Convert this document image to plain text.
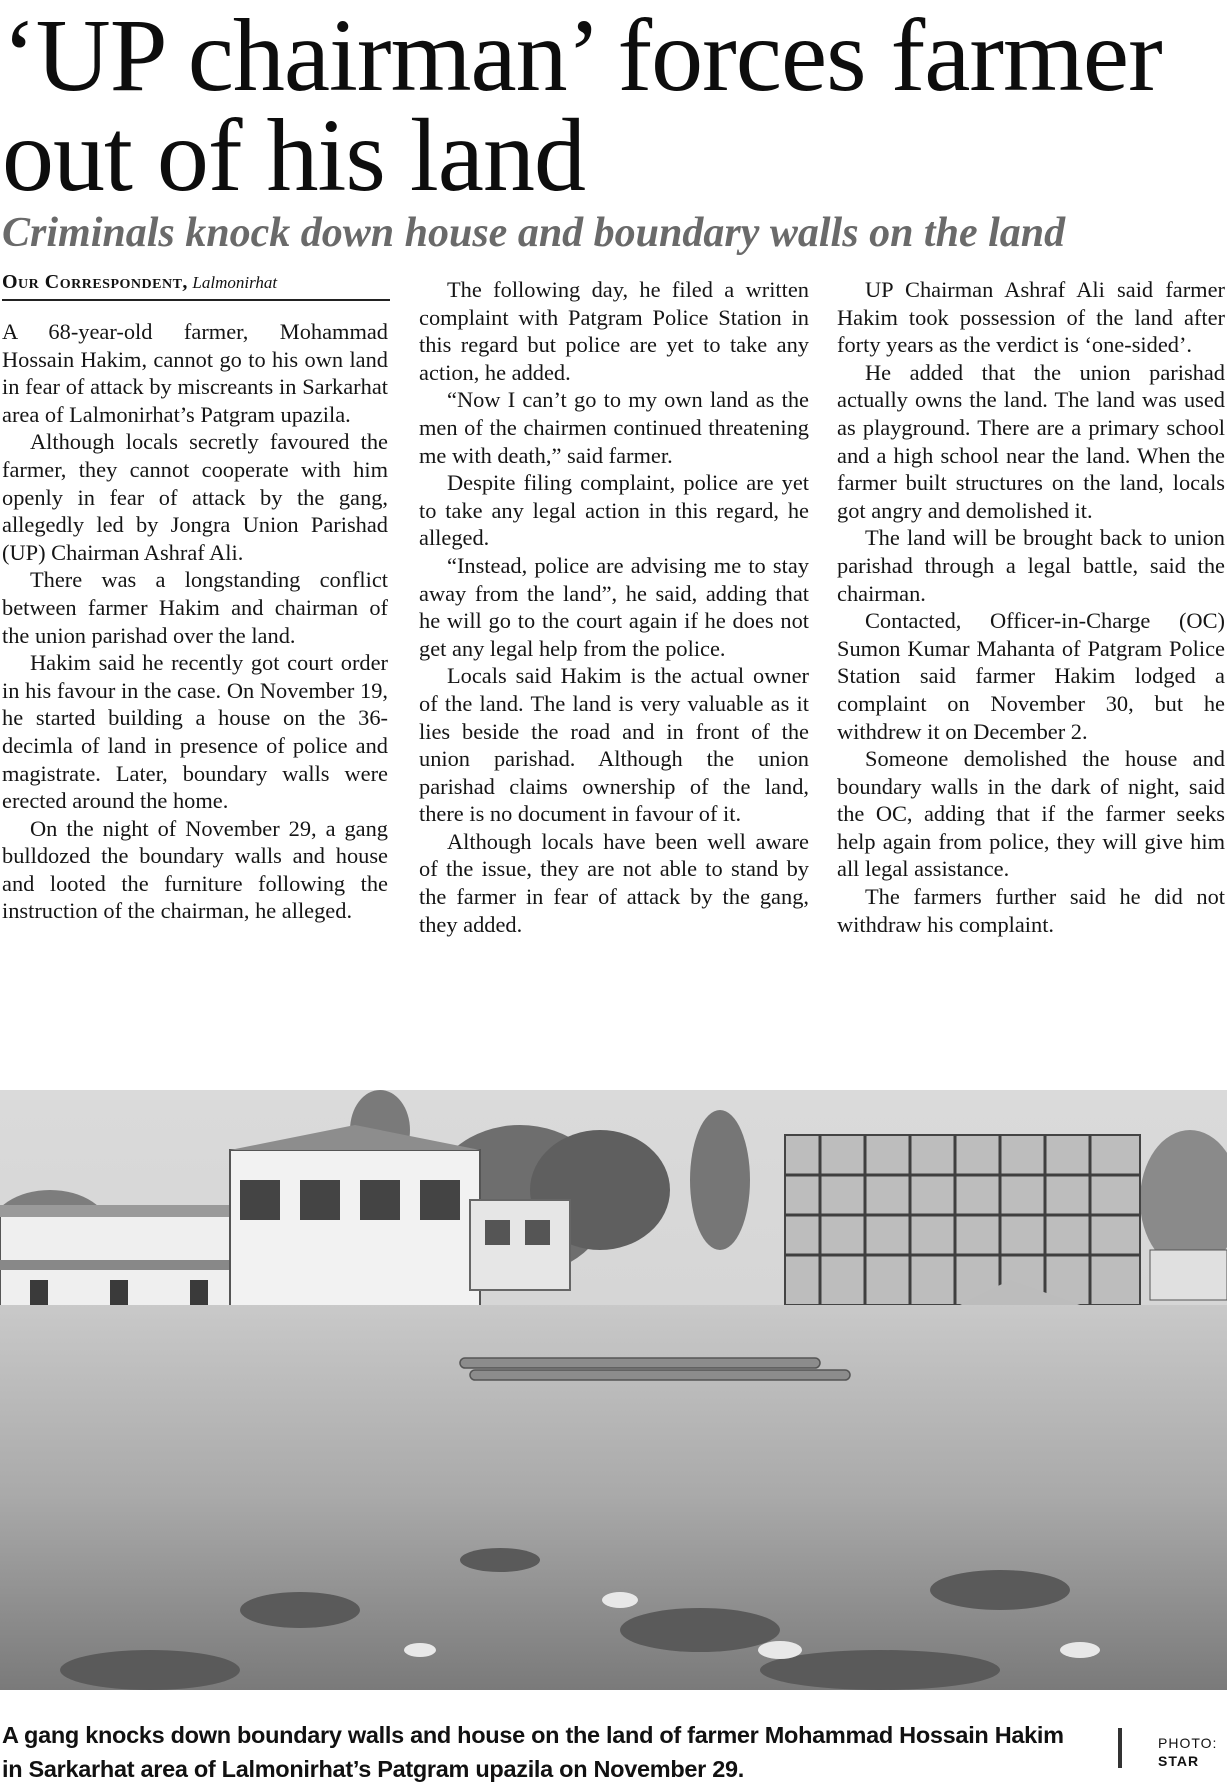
‘UP chairman’ forces farmer out of his land
Criminals knock down house and boundary walls on the land
Our Correspondent, Lalmonirhat

A 68-year-old farmer, Mohammad Hossain Hakim, cannot go to his own land in fear of attack by miscreants in Sarkarhat area of Lalmonirhat’s Patgram upazila.

Although locals secretly favoured the farmer, they cannot cooperate with him openly in fear of attack by the gang, allegedly led by Jongra Union Parishad (UP) Chairman Ashraf Ali.

There was a longstanding conflict between farmer Hakim and chairman of the union parishad over the land.

Hakim said he recently got court order in his favour in the case. On November 19, he started building a house on the 36-decimla of land in presence of police and magistrate. Later, boundary walls were erected around the home.

On the night of November 29, a gang bulldozed the boundary walls and house and looted the furniture following the instruction of the chairman, he alleged.

The following day, he filed a written complaint with Patgram Police Station in this regard but police are yet to take any action, he added.

“Now I can’t go to my own land as the men of the chairmen continued threatening me with death,” said farmer.

Despite filing complaint, police are yet to take any legal action in this regard, he alleged.

“Instead, police are advising me to stay away from the land”, he said, adding that he will go to the court again if he does not get any legal help from the police.

Locals said Hakim is the actual owner of the land. The land is very valuable as it lies beside the road and in front of the union parishad. Although the union parishad claims ownership of the land, there is no document in favour of it.

Although locals have been well aware of the issue, they are not able to stand by the farmer in fear of attack by the gang, they added.

UP Chairman Ashraf Ali said farmer Hakim took possession of the land after forty years as the verdict is ‘one-sided’.

He added that the union parishad actually owns the land. The land was used as playground. There are a primary school and a high school near the land. When the farmer built structures on the land, locals got angry and demolished it.

The land will be brought back to union parishad through a legal battle, said the chairman.

Contacted, Officer-in-Charge (OC) Sumon Kumar Mahanta of Patgram Police Station said farmer Hakim lodged a complaint on November 30, but he withdrew it on December 2.

Someone demolished the house and boundary walls in the dark of night, said the OC, adding that if the farmer seeks help again from police, they will give him all legal assistance.

The farmers further said he did not withdraw his complaint.

A gang knocks down boundary walls and house on the land of farmer Mohammad Hossain Hakim in Sarkarhat area of Lalmonirhat’s Patgram upazila on November 29.
PHOTO:
STAR
